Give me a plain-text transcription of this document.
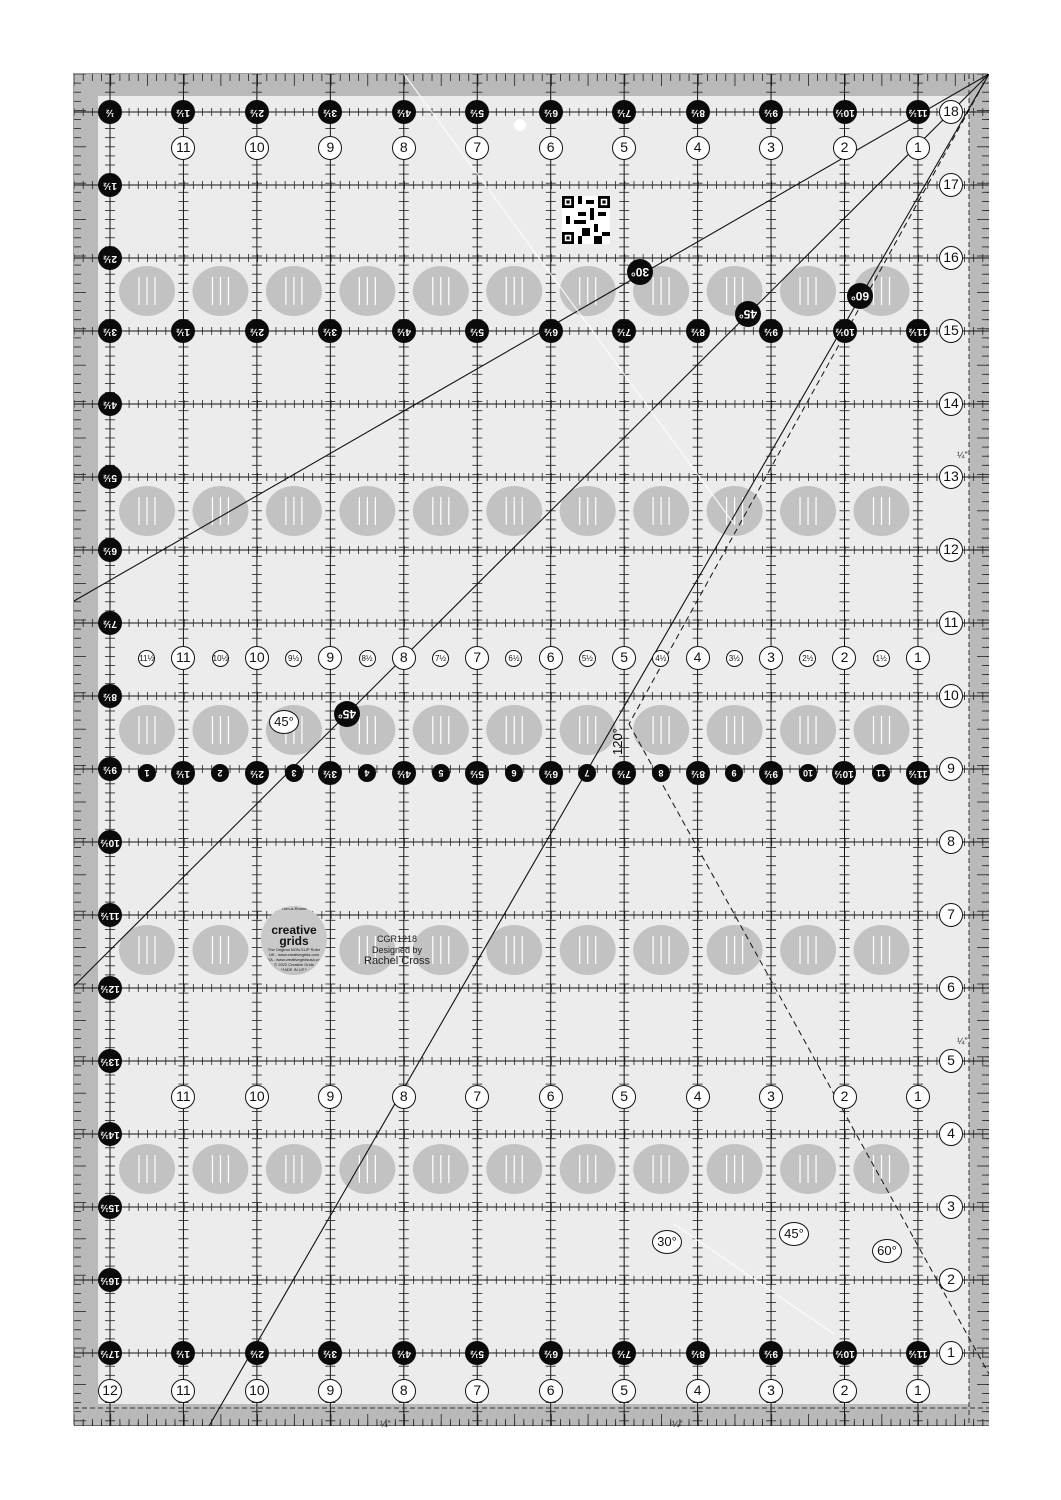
½	1½	2½	3½	4½	5½	6½	7½	8½	9½	10½	11½
17½	1½	2½	3½	4½	5½	6½	7½	8½	9½	10½	11½
1½
2½
3½
4½
5½
6½
7½
8½
9½
10½
11½
12½
13½
14½
15½
16½
1½	2½	3½	4½	5½	6½	7½	8½	9½	10½	11½
1	1½	2	2½	3	3½	4	4½	5	5½	6	6½	7	7½	8	8½	9	9½	10	10½	11	11½
18
17
16
15
14
13
12
11
10
9
8
7
6
5
4
3
2
1
11	10	9	8	7	6	5	4	3	2	1
11½	11	10½	10	9½	9	8½	8	7½	7	6½	6	5½	5	4½	4	3½	3	2½	2	1½	1
11	10	9	8	7	6	5	4	3	2	1
12	11	10	9	8	7	6	5	4	3	2	1
30°
45°
60°
45°
45°
30°
45°
60°
120°
¼"	¼"
¼"
¼"
Turn-a-Round
creative grids
The Original NON-SLIP Ruler
UK - www.creativegrids.com
USA - www.creativegridsusa.com
© 2022 Creative Grids
MADE IN USA
CGR1218
Designed by
Rachel Cross
